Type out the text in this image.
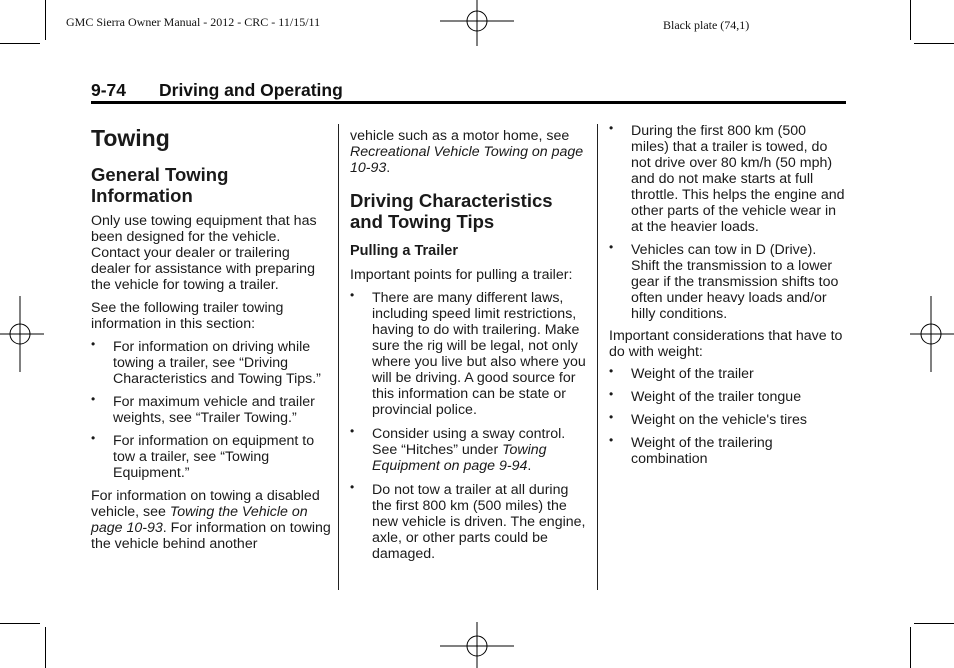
GMC Sierra Owner Manual - 2012 - CRC - 11/15/11	Black plate (74,1)
9-74 Driving and Operating
Towing
General Towing Information

Only use towing equipment that has been designed for the vehicle. Contact your dealer or trailering dealer for assistance with preparing the vehicle for towing a trailer.

See the following trailer towing information in this section:

• For information on driving while towing a trailer, see “Driving Characteristics and Towing Tips.”
• For maximum vehicle and trailer weights, see “Trailer Towing.”
• For information on equipment to tow a trailer, see “Towing Equipment.”

For information on towing a disabled vehicle, see Towing the Vehicle on page 10-93. For information on towing the vehicle behind another

vehicle such as a motor home, see Recreational Vehicle Towing on page 10-93.

Driving Characteristics and Towing Tips
Pulling a Trailer

Important points for pulling a trailer:

• There are many different laws, including speed limit restrictions, having to do with trailering. Make sure the rig will be legal, not only where you live but also where you will be driving. A good source for this information can be state or provincial police.
• Consider using a sway control. See “Hitches” under Towing Equipment on page 9-94.
• Do not tow a trailer at all during the first 800 km (500 miles) the new vehicle is driven. The engine, axle, or other parts could be damaged.
• During the first 800 km (500 miles) that a trailer is towed, do not drive over 80 km/h (50 mph) and do not make starts at full throttle. This helps the engine and other parts of the vehicle wear in at the heavier loads.
• Vehicles can tow in D (Drive). Shift the transmission to a lower gear if the transmission shifts too often under heavy loads and/or hilly conditions.

Important considerations that have to do with weight:

• Weight of the trailer
• Weight of the trailer tongue
• Weight on the vehicle's tires
• Weight of the trailering combination
